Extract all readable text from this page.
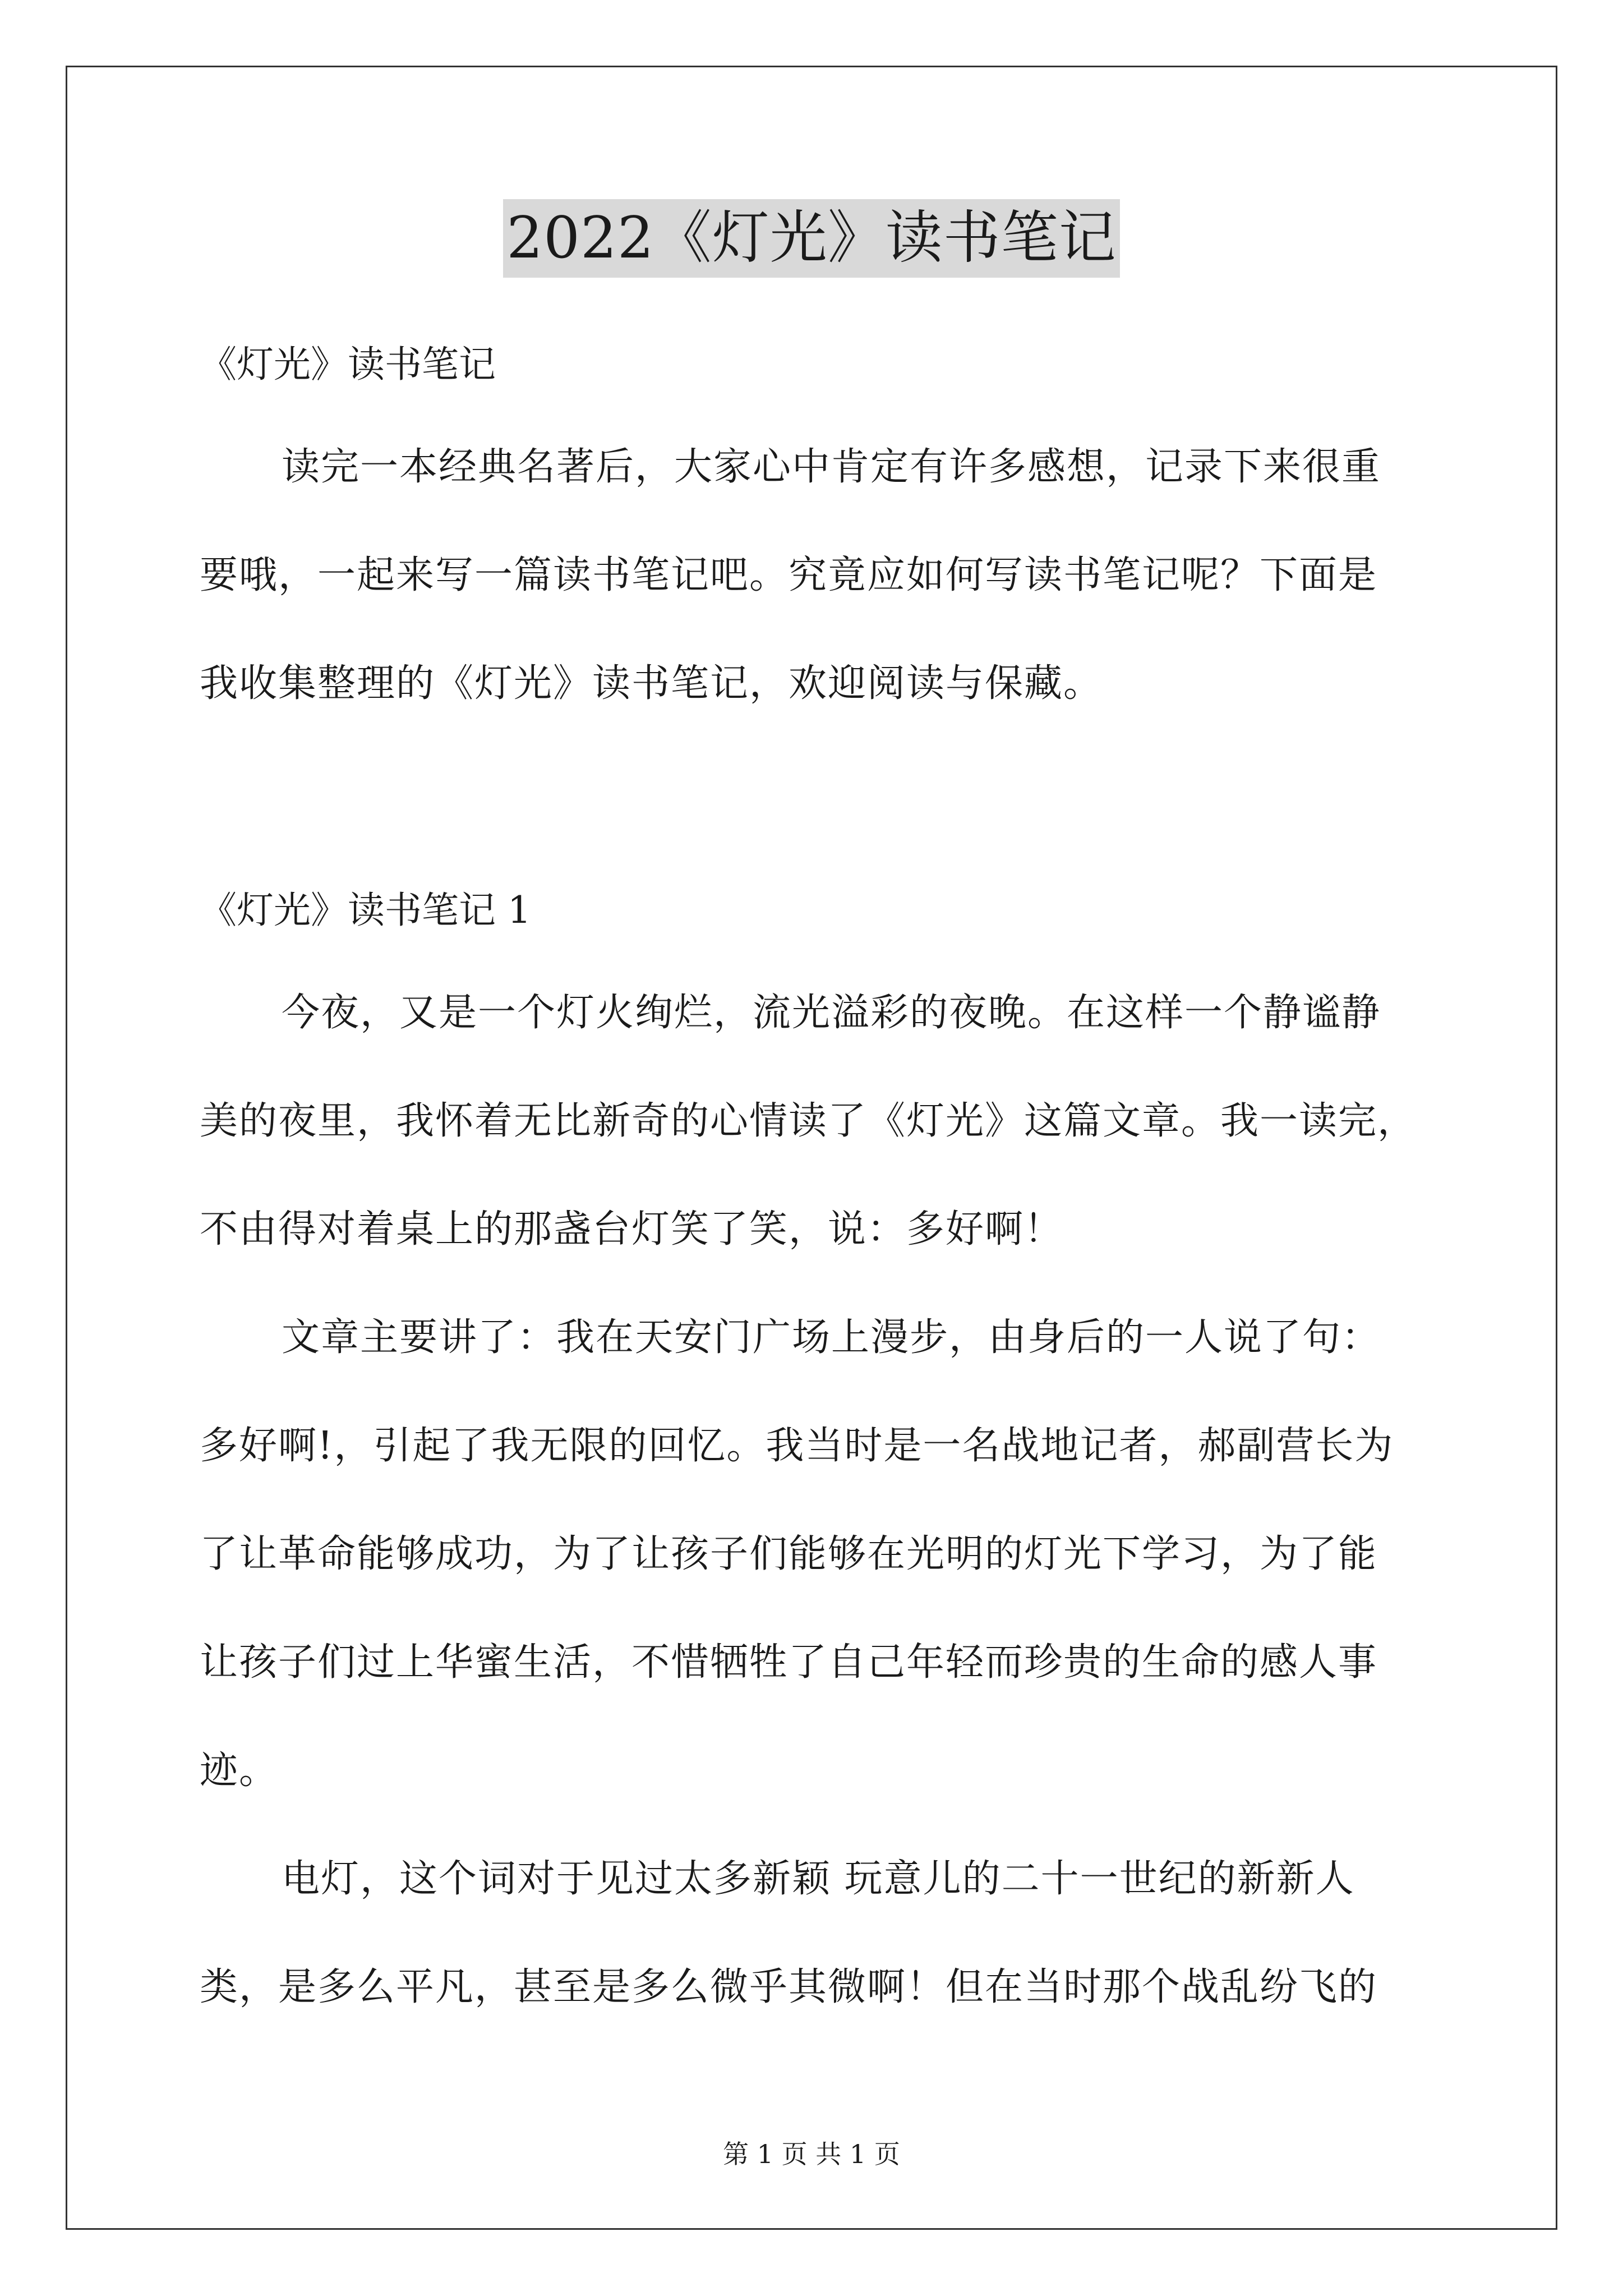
2022《灯光》读书笔记

《灯光》读书笔记

读完一本经典名著后，大家心中肯定有许多感想，记录下来很重

要哦，一起来写一篇读书笔记吧。究竟应如何写读书笔记呢？下面是

我收集整理的《灯光》读书笔记，欢迎阅读与保藏。

《灯光》读书笔记 1

今夜，又是一个灯火绚烂，流光溢彩的夜晚。在这样一个静谧静

美的夜里，我怀着无比新奇的心情读了《灯光》这篇文章。我一读完，

不由得对着桌上的那盏台灯笑了笑，说：多好啊！

文章主要讲了：我在天安门广场上漫步，由身后的一人说了句：

多好啊!，引起了我无限的回忆。我当时是一名战地记者，郝副营长为

了让革命能够成功，为了让孩子们能够在光明的灯光下学习，为了能

让孩子们过上华蜜生活，不惜牺牲了自己年轻而珍贵的生命的感人事

迹。

电灯，这个词对于见过太多新颖 玩意儿的二十一世纪的新新人

类，是多么平凡，甚至是多么微乎其微啊！但在当时那个战乱纷飞的

第 1 页 共 1 页
